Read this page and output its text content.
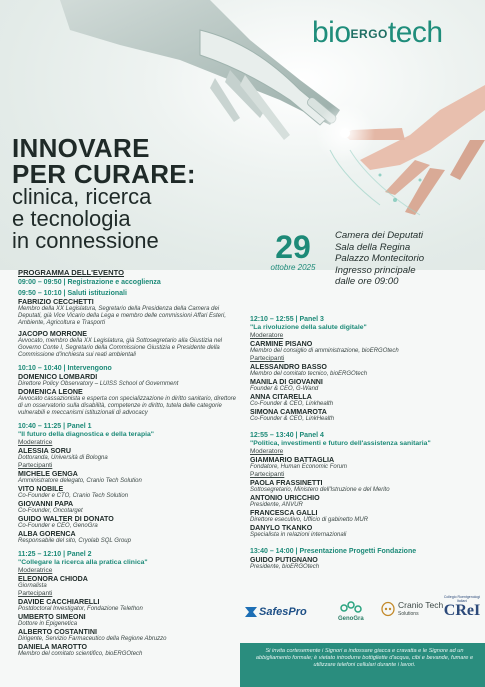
bio$^{ERGO}$tech
INNOVARE
PER CURARE:
clinica, ricerca
e tecnologia
in connessione	29
ottobre 2025
Camera dei Deputati
Sala della Regina
Palazzo Montecitorio
Ingresso principale
dalle ore 09:00
PROGRAMMA DELL'EVENTO
09:00 – 09:50 | Registrazione e accoglienza
09:50 – 10:10 | Saluti istituzionali
FABRIZIO CECCHETTI
Membro della XX Legislatura, Segretario della Presidenza della Camera dei Deputati, già Vice Vicario della Lega e membro delle commissioni Affari Esteri, Ambiente, Agricoltura e Trasporti
JACOPO MORRONE
Avvocato, membro della XX Legislatura, già Sottosegretario alla Giustizia nel Governo Conte I, Segretario della Commissione Giustizia e Presidente della Commissione d'inchiesta sui reati ambientali
10:10 – 10:40 | Intervengono
DOMENICO LOMBARDI
Direttore Policy Observatory – LUISS School of Government
DOMENICA LEONE
Avvocato cassazionista e esperta con specializzazione in diritto sanitario, direttore di un osservatorio sulla disabilità, competenze in diritto, tutela delle categorie vulnerabili e meccanismi istituzionali di advocacy
10:40 – 11:25 | Panel 1
"Il futuro della diagnostica e della terapia"
Moderatrice
ALESSIA SORU
Dottoranda, Università di Bologna
Partecipanti
MICHELE GENGA
Amministratore delegato, Cranio Tech Solution
VITO NOBILE
Co-Founder e CTO, Cranio Tech Solution
GIOVANNI PAPA
Co-Founder, Oncotarget
GUIDO WALTER DI DONATO
Co-Founder e CEO, GenoGra
ALBA GORENCA
Responsabile del sito, Cryolab SQL Group
11:25 – 12:10 | Panel 2
"Collegare la ricerca alla pratica clinica"
Moderatrice
ELEONORA CHIODA
Giornalista
Partecipanti
DAVIDE CACCHIARELLI
Postdoctoral Investigator, Fondazione Telethon
UMBERTO SIMEONI
Dottore in Epigenetica
ALBERTO COSTANTINI
Dirigente, Servizio Farmaceutico della Regione Abruzzo
DANIELA MAROTTO
Membro del comitato scientifico, bioERGOtech
12:10 – 12:55 | Panel 3
"La rivoluzione della salute digitale"
Moderatore
CARMINE PISANO
Membro del consiglio di amministrazione, bioERGOtech
Partecipanti
ALESSANDRO BASSO
Membro del comitato tecnico, bioERGOtech
MANILA DI GIOVANNI
Founder & CEO, G-Wand
ANNA CITARELLA
Co-Founder & CEO, Linkhealth
SIMONA CAMMAROTA
Co-Founder & CEO, LinkHealth
12:55 – 13:40 | Panel 4
"Politica, investimenti e futuro dell'assistenza sanitaria"
Moderatore
GIAMMARIO BATTAGLIA
Fondatore, Human Economic Forum
Partecipanti
PAOLA FRASSINETTI
Sottosegretario, Ministero dell'Istruzione e del Merito
ANTONIO URICCHIO
Presidente, ANVUR
FRANCESCA GALLI
Direttore esecutivo, Ufficio di gabinetto MUR
DANYLO TKANKO
Specialista in relazioni internazionali
13:40 – 14:00 | Presentazione Progetti Fondazione
GUIDO PUTIGNANO
Presidente, bioERGOtech
SafesPro
GenoGra
Cranio Tech
Solutions
Collegio Roentgenologi Italiani
CReI
Si invita cortesemente i Signori a indossare giacca e cravatta e le Signore ad un abbigliamento formale; è vietato introdurre bottigliette d'acqua, cibi e bevande, fumare e utilizzare telefoni cellulari durante i lavori.
